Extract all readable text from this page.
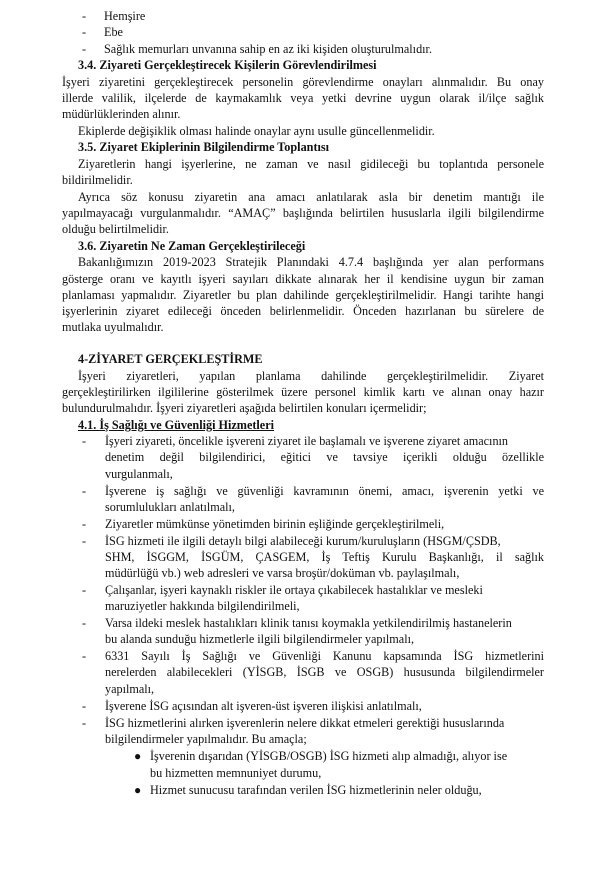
- Hemşire
- Ebe
- Sağlık memurları unvanına sahip en az iki kişiden oluşturulmalıdır.
3.4. Ziyareti Gerçekleştirecek Kişilerin Görevlendirilmesi
İşyeri ziyaretini gerçekleştirecek personelin görevlendirme onayları alınmalıdır. Bu onay
illerde valilik, ilçelerde de kaymakamlık veya yetki devrine uygun olarak il/ilçe sağlık
müdürlüklerinden alınır.
Ekiplerde değişiklik olması halinde onaylar aynı usulle güncellenmelidir.
3.5. Ziyaret Ekiplerinin Bilgilendirme Toplantısı
Ziyaretlerin hangi işyerlerine, ne zaman ve nasıl gidileceği bu toplantıda personele
bildirilmelidir.
Ayrıca söz konusu ziyaretin ana amacı anlatılarak asla bir denetim mantığı ile
yapılmayacağı vurgulanmalıdır. “AMAÇ” başlığında belirtilen hususlarla ilgili bilgilendirme
olduğu belirtilmelidir.
3.6. Ziyaretin Ne Zaman Gerçekleştirileceği
Bakanlığımızın 2019-2023 Stratejik Planındaki 4.7.4 başlığında yer alan performans
gösterge oranı ve kayıtlı işyeri sayıları dikkate alınarak her il kendisine uygun bir zaman
planlaması yapmalıdır. Ziyaretler bu plan dahilinde gerçekleştirilmelidir. Hangi tarihte hangi
işyerlerinin ziyaret edileceği önceden belirlenmelidir. Önceden hazırlanan bu sürelere de
mutlaka uyulmalıdır.
4-ZİYARET GERÇEKLEŞTİRME
İşyeri ziyaretleri, yapılan planlama dahilinde gerçekleştirilmelidir. Ziyaret
gerçekleştirilirken ilgililerine gösterilmek üzere personel kimlik kartı ve alınan onay hazır
bulundurulmalıdır. İşyeri ziyaretleri aşağıda belirtilen konuları içermelidir;
4.1. İş Sağlığı ve Güvenliği Hizmetleri
- İşyeri ziyareti, öncelikle işvereni ziyaret ile başlamalı ve işverene ziyaret amacının
denetim değil bilgilendirici, eğitici ve tavsiye içerikli olduğu özellikle
vurgulanmalı,
- İşverene iş sağlığı ve güvenliği kavramının önemi, amacı, işverenin yetki ve
sorumlulukları anlatılmalı,
- Ziyaretler mümkünse yönetimden birinin eşliğinde gerçekleştirilmeli,
- İSG hizmeti ile ilgili detaylı bilgi alabileceği kurum/kuruluşların (HSGM/ÇSDB,
SHM, İSGGM, İSGÜM, ÇASGEM, İş Teftiş Kurulu Başkanlığı, il sağlık
müdürlüğü vb.) web adresleri ve varsa broşür/doküman vb. paylaşılmalı,
- Çalışanlar, işyeri kaynaklı riskler ile ortaya çıkabilecek hastalıklar ve mesleki
maruziyetler hakkında bilgilendirilmeli,
- Varsa ildeki meslek hastalıkları klinik tanısı koymakla yetkilendirilmiş hastanelerin
bu alanda sunduğu hizmetlerle ilgili bilgilendirmeler yapılmalı,
- 6331 Sayılı İş Sağlığı ve Güvenliği Kanunu kapsamında İSG hizmetlerini
nerelerden alabilecekleri (YİSGB, İSGB ve OSGB) hususunda bilgilendirmeler
yapılmalı,
- İşverene İSG açısından alt işveren-üst işveren ilişkisi anlatılmalı,
- İSG hizmetlerini alırken işverenlerin nelere dikkat etmeleri gerektiği hususlarında
bilgilendirmeler yapılmalıdır. Bu amaçla;
● İşverenin dışarıdan (YİSGB/OSGB) İSG hizmeti alıp almadığı, alıyor ise
bu hizmetten memnuniyet durumu,
● Hizmet sunucusu tarafından verilen İSG hizmetlerinin neler olduğu,
